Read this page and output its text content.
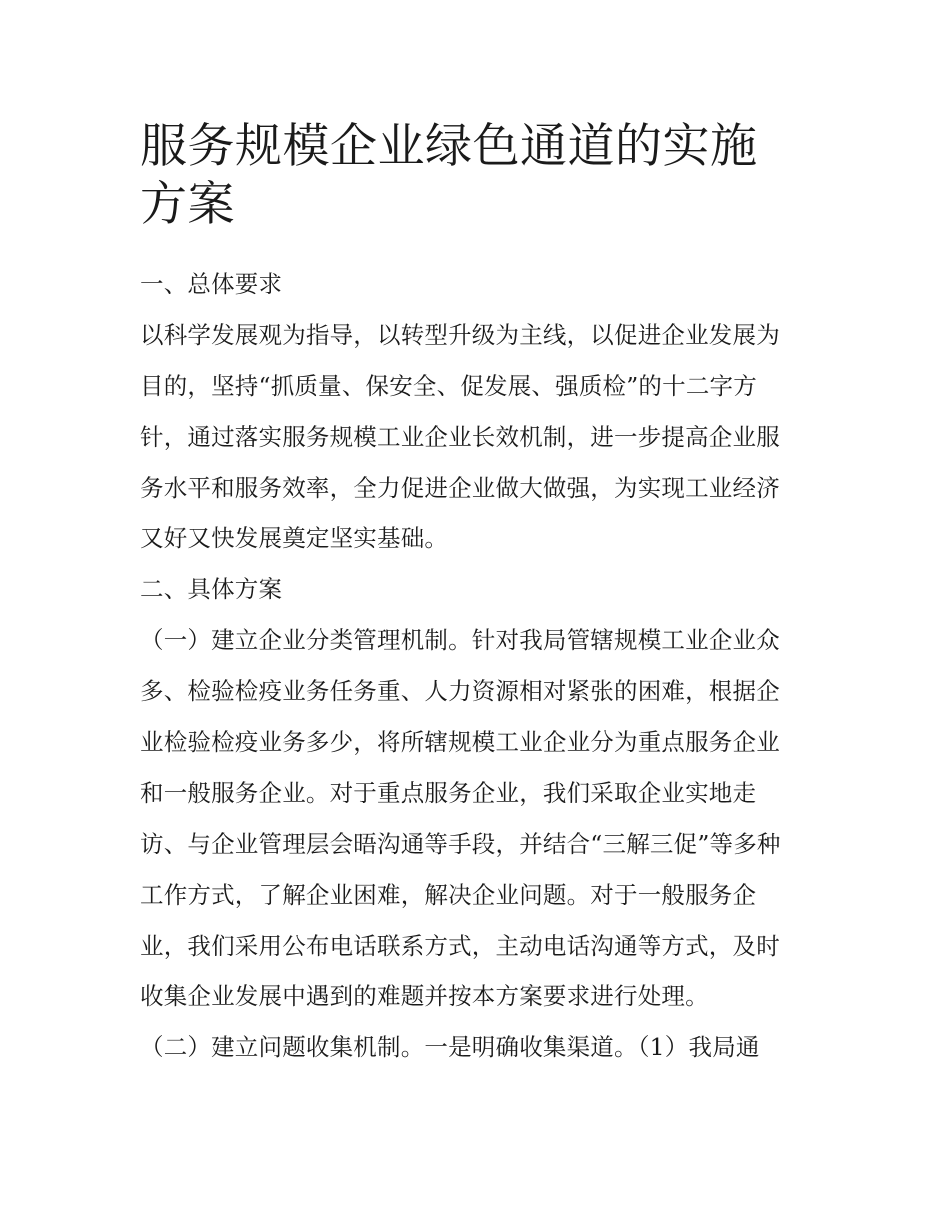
服务规模企业绿色通道的实施
方案
一、总体要求
以科学发展观为指导，以转型升级为主线，以促进企业发展为
目的，坚持“抓质量、保安全、促发展、强质检”的十二字方
针，通过落实服务规模工业企业长效机制，进一步提高企业服
务水平和服务效率，全力促进企业做大做强，为实现工业经济
又好又快发展奠定坚实基础。
二、具体方案
（一）建立企业分类管理机制。针对我局管辖规模工业企业众
多、检验检疫业务任务重、人力资源相对紧张的困难，根据企
业检验检疫业务多少，将所辖规模工业企业分为重点服务企业
和一般服务企业。对于重点服务企业，我们采取企业实地走
访、与企业管理层会晤沟通等手段，并结合“三解三促”等多种
工作方式，了解企业困难，解决企业问题。对于一般服务企
业，我们采用公布电话联系方式，主动电话沟通等方式，及时
收集企业发展中遇到的难题并按本方案要求进行处理。
（二）建立问题收集机制。一是明确收集渠道。（1）我局通
